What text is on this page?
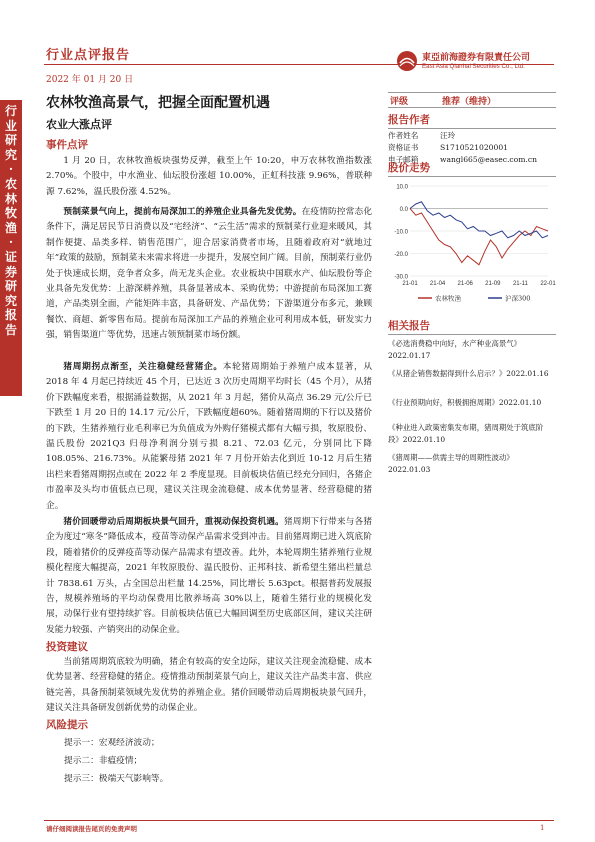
行业点评报告
2022 年 01 月 20 日
東亞前海證券有限責任公司
East Asia Qianhai Securities Co., Ltd.
行
业
研
究
·
农
林
牧
渔
·
证
券
研
究
报
告
农林牧渔高景气，把握全面配置机遇
农业大涨点评
事件点评

1 月 20 日，农林牧渔板块强势反弹，截至上午 10:20，申万农林牧渔指数涨 2.70%。个股中，中水渔业、仙坛股份涨超 10.00%，正虹科技涨 9.96%，普联种源 7.62%，温氏股份涨 4.52%。

预制菜景气向上，提前布局深加工的养殖企业具备先发优势。在疫情防控常态化条件下，满足居民节日消费以及“宅经济”、“云生活”需求的预制菜行业迎来暖风，其制作便捷、品类多样、销售范围广，迎合居家消费者市场，且随着政府对“就地过年”政策的鼓励，预制菜未来需求将进一步提升，发展空间广阔。目前，预制菜行业仍处于快速成长期，竞争者众多，尚无龙头企业。农业板块中国联水产、仙坛股份等企业具备先发优势：上游深耕养殖，具备显著成本、采购优势；中游提前布局深加工赛道，产品类别全面，产能矩阵丰富，具备研发、产品优势；下游渠道分布多元，兼顾餐饮、商超、新零售布局。提前布局深加工产品的养殖企业可利用成本低，研发实力强，销售渠道广等优势，迅速占领预制菜市场份额。

猪周期拐点渐至，关注稳健经营猪企。本轮猪周期始于养殖户成本显著，从 2018 年 4 月起已持续近 45 个月，已达近 3 次历史周期平均时长（45 个月），从猪价下跌幅度来看，根据涌益数据，从 2021 年 3 月起，猪价从高点 36.29 元/公斤已下跌至 1 月 20 日的 14.17 元/公斤，下跌幅度超60%。随着猪周期的下行以及猪价的下跌，生猪养殖行业毛利率已为负值成为外购仔猪模式都有大幅亏损，牧原股份、温氏股份 2021Q3 归母净利润分别亏损 8.21、72.03 亿元，分别同比下降 108.05%、216.73%。从能繁母猪 2021 年 7 月份开始去化到近 10-12 月后生猪出栏来看猪周期拐点或在 2022 年 2 季度显现。目前板块估值已经充分回归，各猪企市盈率及头均市值低点已现，建议关注现金流稳健、成本优势显著、经营稳健的猪企。

猪价回暖带动后周期板块景气回升，重视动保投资机遇。猪周期下行带来与各猪企为度过“寒冬”降低成本，疫苗等动保产品需求受到冲击。目前猪周期已进入筑底阶段，随着猪价的反弹疫苗等动保产品需求有望改善。此外，本轮周期生猪养殖行业规模化程度大幅提高，2021 年牧原股份、温氏股份、正邦科技、新希望生猪出栏量总计 7838.61 万头，占全国总出栏量 14.25%，同比增长 5.63pct。根据普药发展报告，规模养殖场的平均动保费用比散养场高 30%以上，随着生猪行业的规模化发展，动保行业有望持续扩容。目前板块估值已大幅回调至历史底部区间，建议关注研发能力较强、产销突出的动保企业。

投资建议

当前猪周期筑底较为明确，猪企有较高的安全边际，建议关注现金流稳健、成本优势显著、经营稳健的猪企。疫情推动预制菜景气向上，建议关注产品类丰富、供应链完善，具备预制菜领域先发优势的养殖企业。猪价回暖带动后周期板块景气回升，建议关注具备研发创新优势的动保企业。

风险提示
提示一：宏观经济波动；
提示二：非瘟疫情；
提示三：极端天气影响等。
评级	推荐（维持）
报告作者
作者姓名	汪玲
资格证书	S1710521020001
电子邮箱	wangl665@easec.com.cn
股价走势
10.0
0.0
-10.0
-20.0
-30.0
21-01 21-04 21-06 21-09 21-11 22-01
农林牧渔	沪深300
相关报告
《必选消费稳中向好，水产种业高景气》2022.01.17
《从猪企销售数据得到什么启示？》2022.01.16
《行业预期向好，积极拥抱周期》2022.01.10
《种业进入政策密集发布期，猪周期处于筑底阶段》2022.01.10
《猪周期——供需主导的周期性波动》2022.01.03
请仔细阅读报告尾页的免责声明	1
